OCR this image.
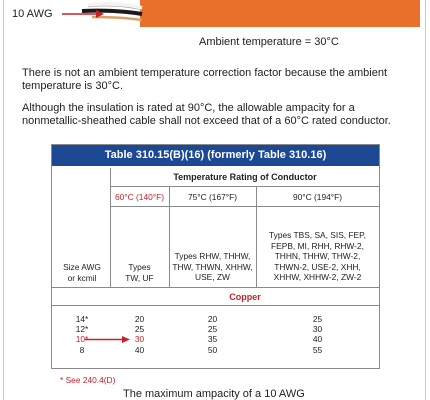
10 AWG
Ambient temperature = 30°C
There is not an ambient temperature correction factor because the ambient temperature is 30°C.
Although the insulation is rated at 90°C, the allowable ampacity for a nonmetallic-sheathed cable shall not exceed that of a 60°C rated conductor.
Table 310.15(B)(16) (formerly Table 310.16)
Temperature Rating of Conductor
60°C (140°F)	75°C (167°F)	90°C (194°F)
Types
TW, UF
Types RHW, THHW,
THW, THWN, XHHW,
USE, ZW
Types TBS, SA, SIS, FEP,
FEPB, MI, RHH, RHW-2,
THHN, THHW, THW-2,
THWN-2, USE-2, XHH,
XHHW, XHHW-2, ZW-2
Size AWG
or kcmil
Copper
14*
12*
10*
8
20
25
30
40
20
25
35
50
25
30
40
55
* See 240.4(D)
The maximum ampacity of a 10 AWG
